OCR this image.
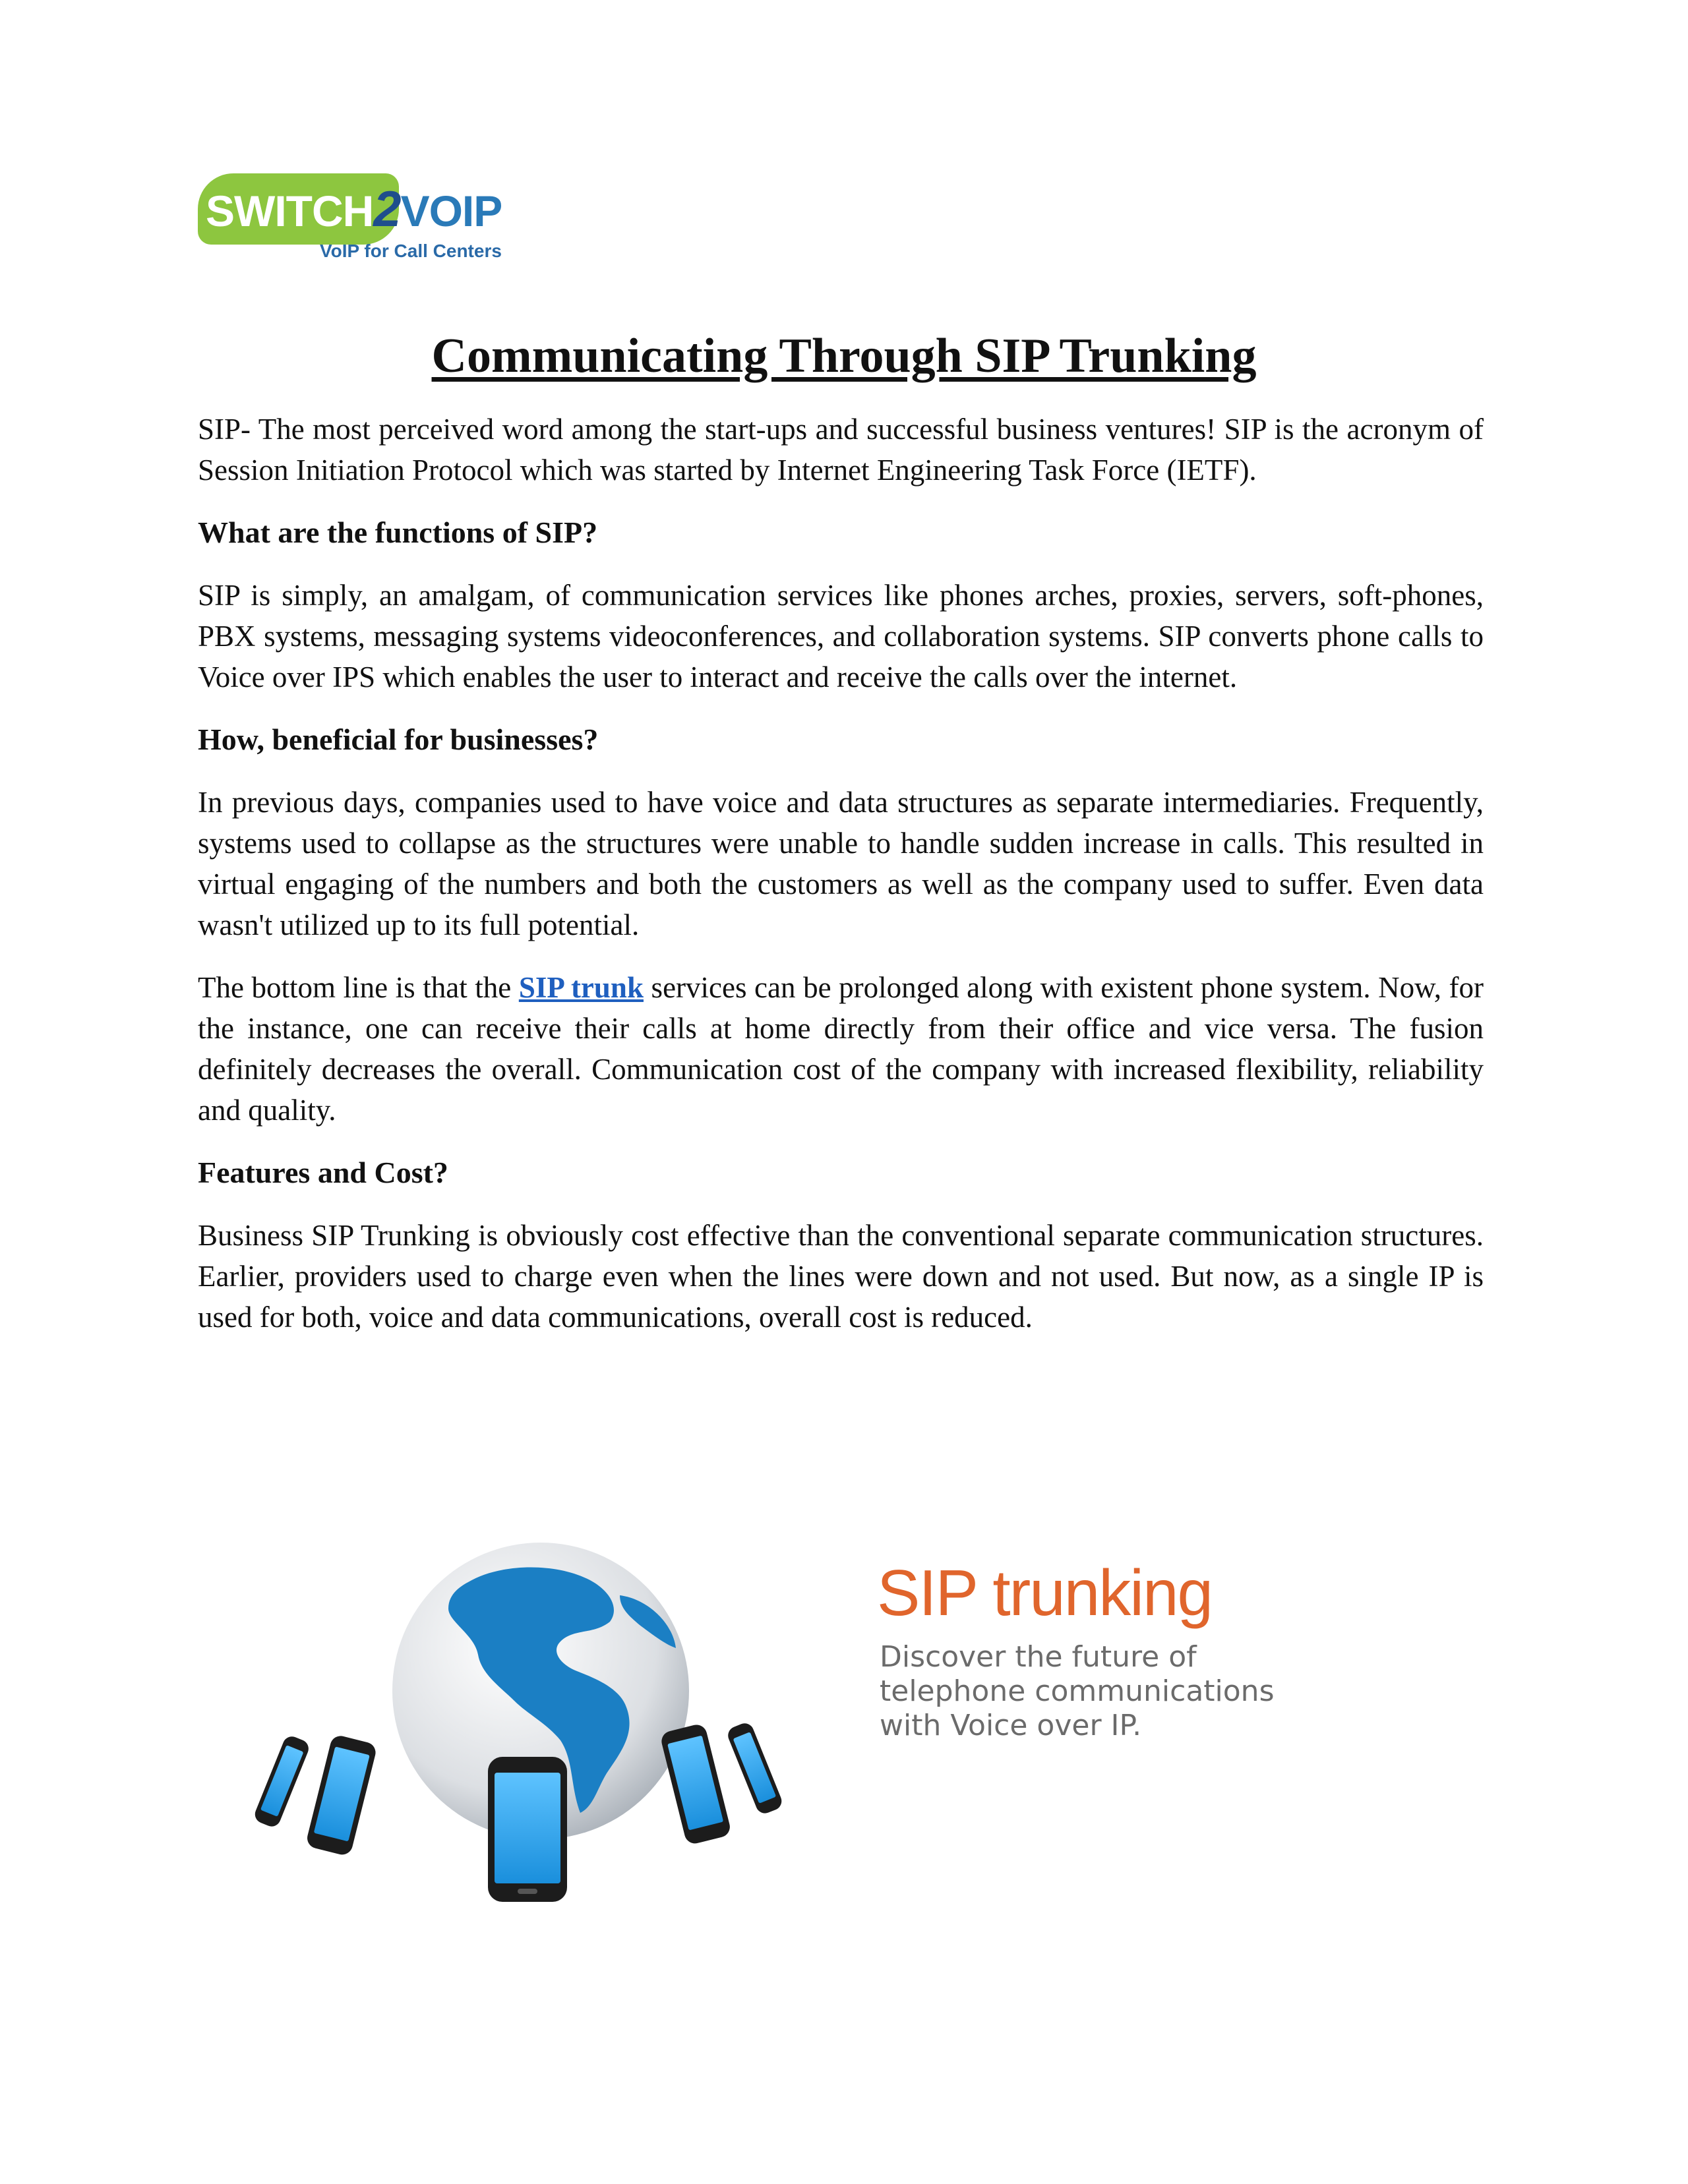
SWITCH2VOIP
VoIP for Call Centers
Communicating Through SIP Trunking

SIP- The most perceived word among the start-ups and successful business ventures! SIP is the acronym of Session Initiation Protocol which was started by Internet Engineering Task Force (IETF).

What are the functions of SIP?

SIP is simply, an amalgam, of communication services like phones arches, proxies, servers, soft-phones, PBX systems, messaging systems videoconferences, and collaboration systems. SIP converts phone calls to Voice over IPS which enables the user to interact and receive the calls over the internet.

How, beneficial for businesses?

In previous days, companies used to have voice and data structures as separate intermediaries. Frequently, systems used to collapse as the structures were unable to handle sudden increase in calls. This resulted in virtual engaging of the numbers and both the customers as well as the company used to suffer. Even data wasn't utilized up to its full potential.

The bottom line is that the SIP trunk services can be prolonged along with existent phone system. Now, for the instance, one can receive their calls at home directly from their office and vice versa. The fusion definitely decreases the overall. Communication cost of the company with increased flexibility, reliability and quality.

Features and Cost?

Business SIP Trunking is obviously cost effective than the conventional separate communication structures. Earlier, providers used to charge even when the lines were down and not used. But now, as a single IP is used for both, voice and data communications, overall cost is reduced.

SIP trunking
Discover the future of
telephone communications
with Voice over IP.
